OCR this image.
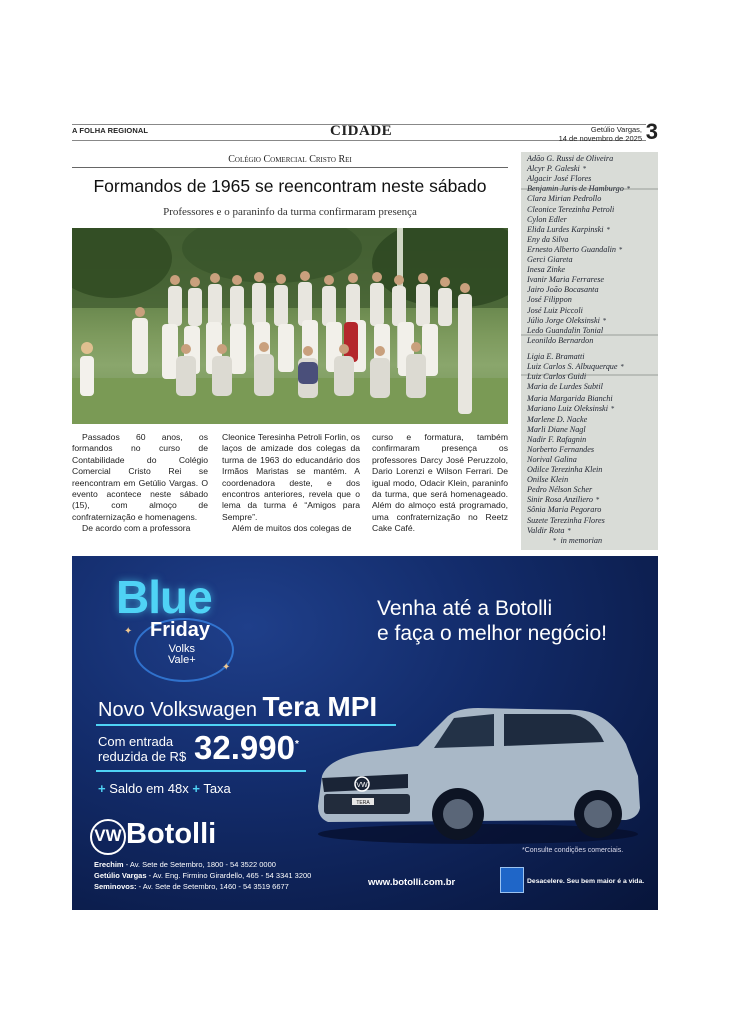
A FOLHA REGIONAL	CIDADE	Getúlio Vargas,
14 de novembro de 2025 3
Colégio Comercial Cristo Rei
Formandos de 1965 se reencontram neste sábado
Professores e o paraninfo da turma confirmaram presença

Passados 60 anos, os formandos no curso de Contabilidade do Colégio Comercial Cristo Rei se reencontram em Getúlio Vargas. O evento acontece neste sábado (15), com almoço de confraternização e homenagens.

De acordo com a professora

Cleonice Teresinha Petroli Forlin, os laços de amizade dos colegas da turma de 1963 do educandário dos Irmãos Maristas se mantém. A coordenadora deste, e dos encontros anteriores, revela que o lema da turma é “Amigos para Sempre”.

Além de muitos dos colegas de

curso e formatura, também confirmaram presença os professores Darcy José Peruzzolo, Dario Lorenzi e Wilson Ferrari. De igual modo, Odacir Klein, paraninfo da turma, que será homenageado. Além do almoço está programado, uma confraternização no Reetz Cake Café.

Adão G. Russi de Oliveira
Alcyr P. Galeski *
Algacir José Flores
Benjamin Juris de Hamburgo *
Clara Mirian Pedrollo
Cleonice Terezinha Petroli
Cylon Edler
Elida Lurdes Karpinski *
Eny da Silva
Ernesto Alberto Guandalin *
Gerci Giareta
Inesa Zinke
Ivanir Maria Ferrarese
Jairo João Bocasanta
José Filippon
José Luiz Piccoli
Júlio Jorge Oleksinski *
Ledo Guandalin Tonial
Leonildo Bernardon
Ligia E. Bramatti
Luiz Carlos S. Albuquerque *
Luiz Carlos Guidi
Maria de Lurdes Subtil
Maria Margarida Bianchi
Mariano Luiz Oleksinski *
Marlene D. Nacke
Marli Diane Nagl
Nadir F. Rafagnin
Norberto Fernandes
Norival Galina
Odilce Terezinha Klein
Onilse Klein
Pedro Nélson Scher
Sinir Rosa Anziliero *
Sônia Maria Pegoraro
Suzete Terezinha Flores
Valdir Rota *
* in memorian
Blue
Friday
Volks
Vale+
✦
✦
Venha até a Botolli
e faça o melhor negócio!
Novo Volkswagen Tera MPI
Com entrada
reduzida de R$ 32.990*
+ Saldo em 48x + Taxa	VW
TERA
VW Botolli
Erechim - Av. Sete de Setembro, 1800 - 54 3522 0000
Getúlio Vargas - Av. Eng. Firmino Girardello, 465 - 54 3341 3200
Seminovos: - Av. Sete de Setembro, 1460 - 54 3519 6677	www.botolli.com.br
*Consulte condições comerciais.
Desacelere. Seu bem maior é a vida.
